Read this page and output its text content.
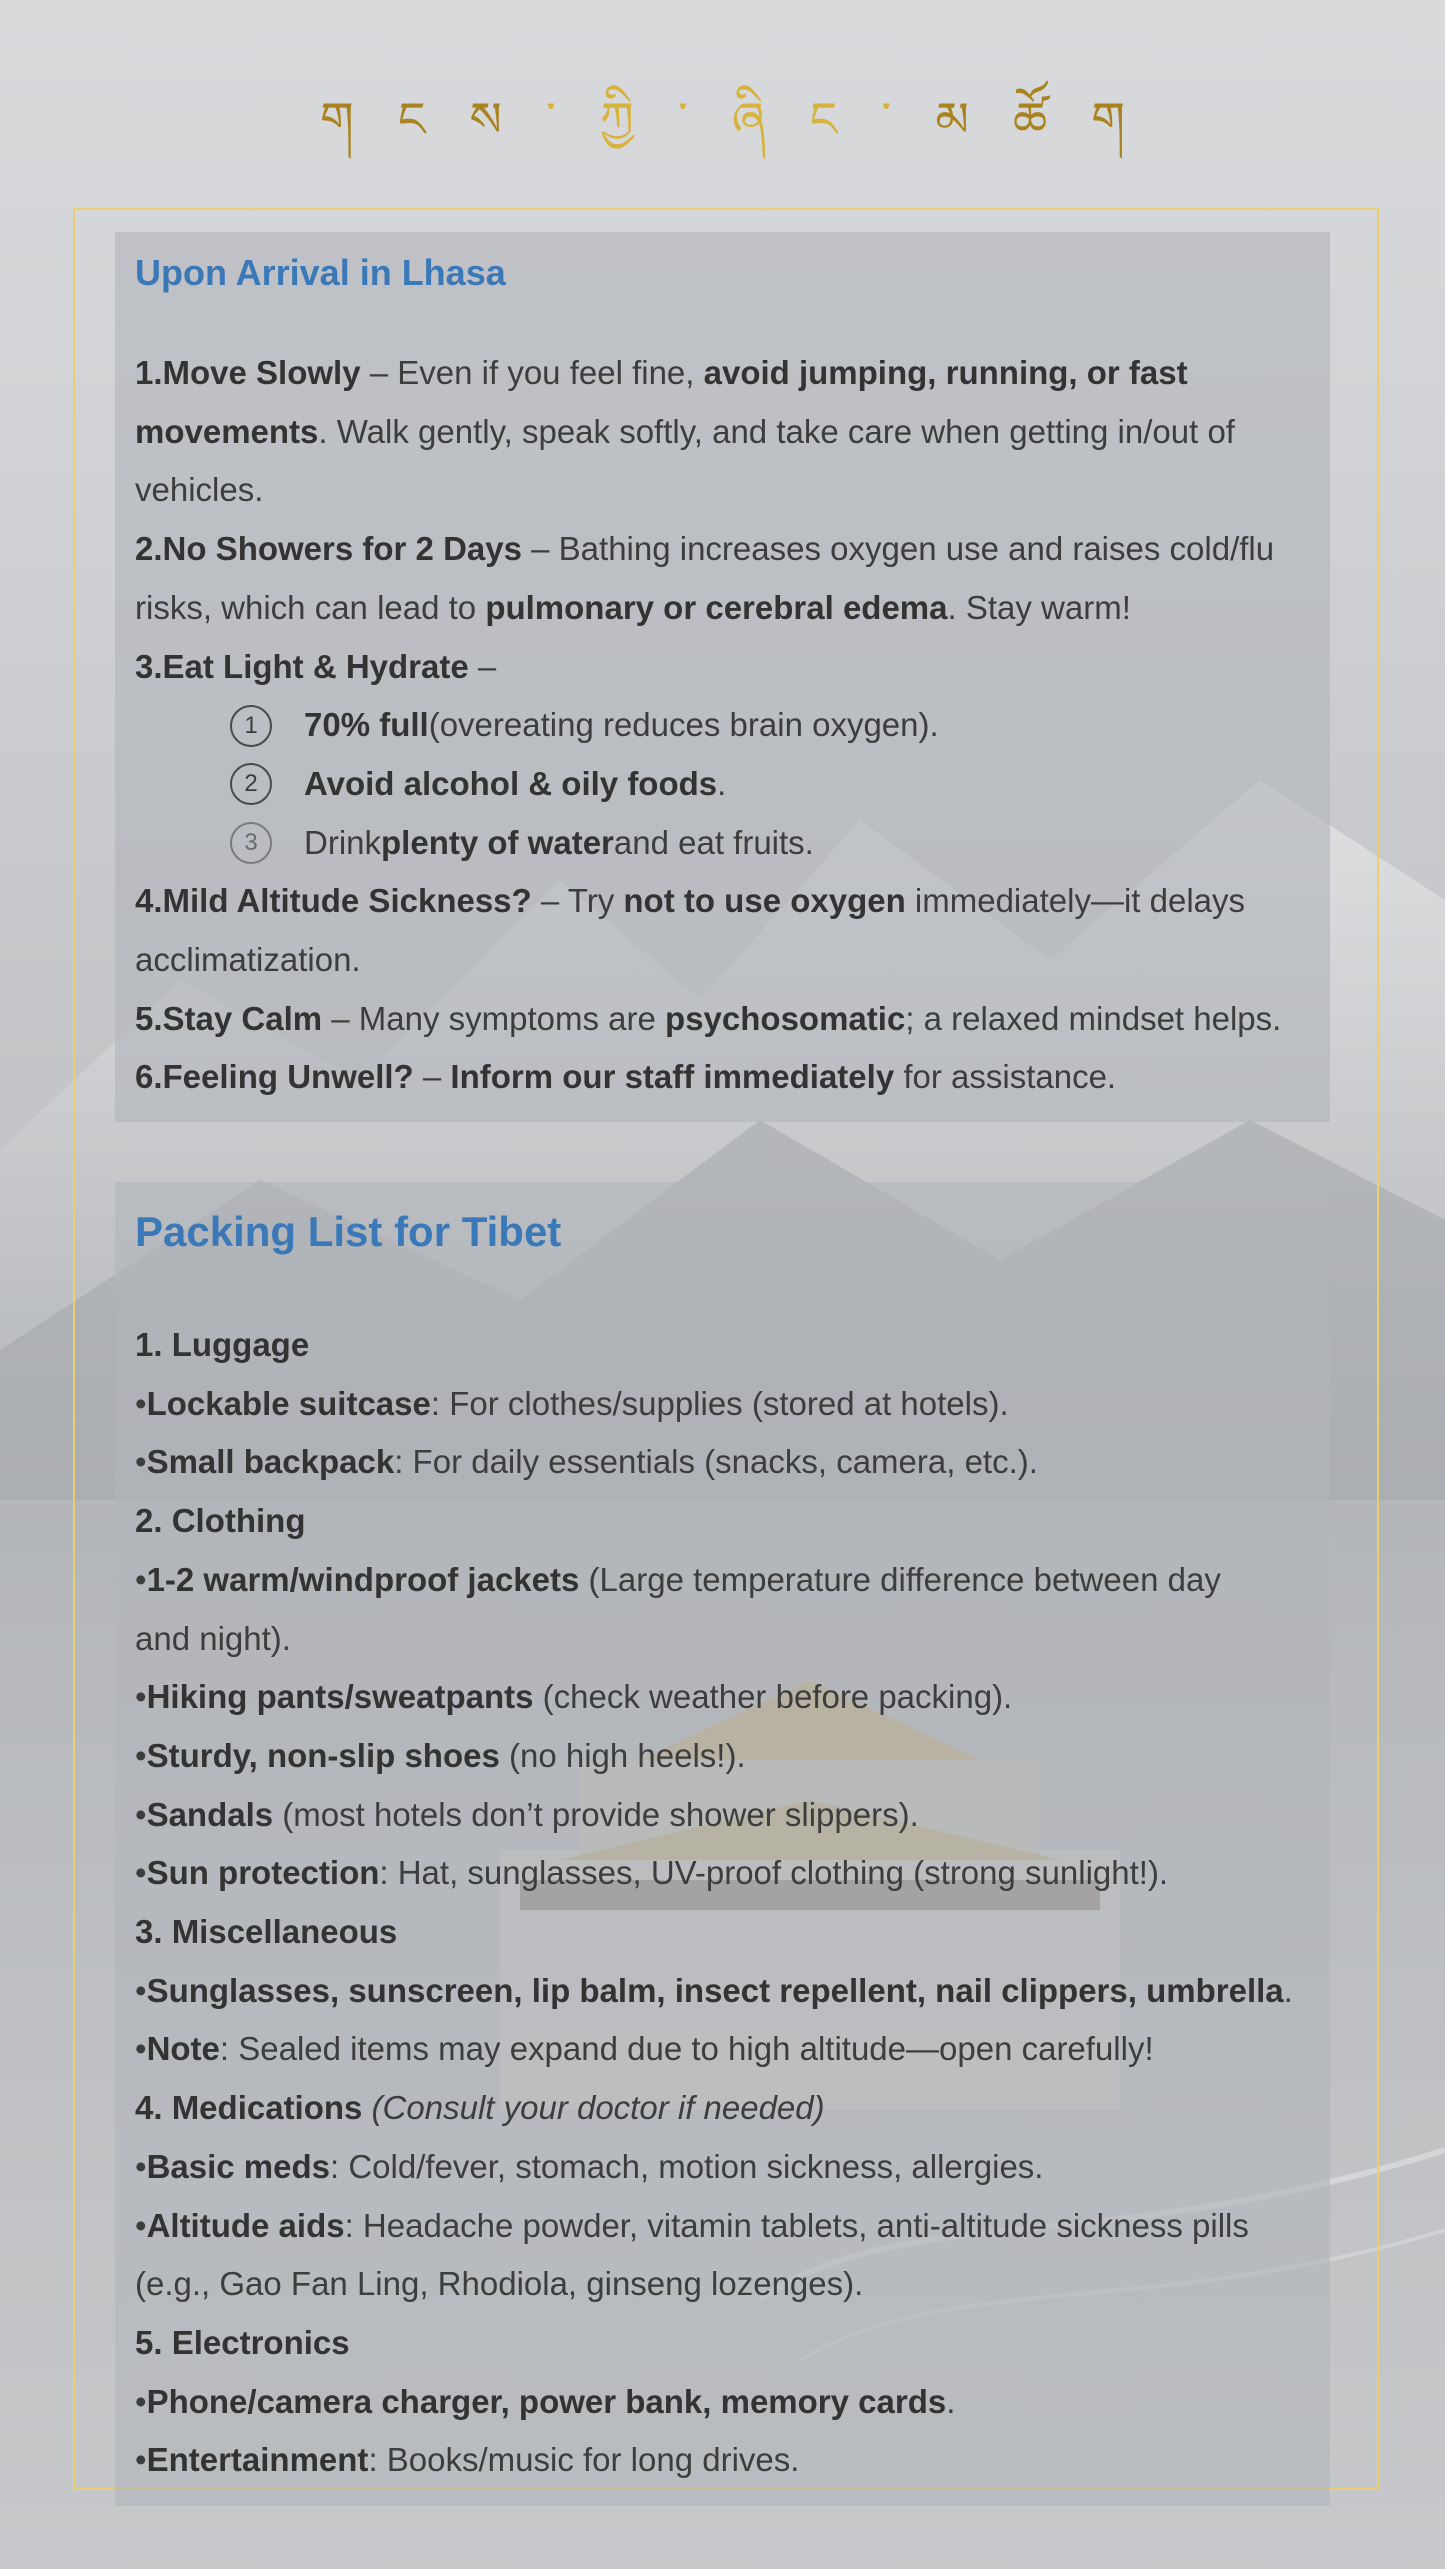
ག ང ས ་ ཀྱི ་ ཞི ང ་ མ ཚོ ག
Upon Arrival in Lhasa
1.Move Slowly – Even if you feel fine, avoid jumping, running, or fast
movements. Walk gently, speak softly, and take care when getting in/out of
vehicles.
2.No Showers for 2 Days – Bathing increases oxygen use and raises cold/flu
risks, which can lead to pulmonary or cerebral edema. Stay warm!
3.Eat Light & Hydrate –
1	70% full (overeating reduces brain oxygen).
2	Avoid alcohol & oily foods .
3	Drink plenty of water and eat fruits.
4.Mild Altitude Sickness? – Try not to use oxygen immediately—it delays
acclimatization.
5.Stay Calm – Many symptoms are psychosomatic; a relaxed mindset helps.
6.Feeling Unwell? – Inform our staff immediately for assistance.
Packing List for Tibet
1. Luggage
•Lockable suitcase: For clothes/supplies (stored at hotels).
•Small backpack: For daily essentials (snacks, camera, etc.).
2. Clothing
•1-2 warm/windproof jackets (Large temperature difference between day
and night).
•Hiking pants/sweatpants (check weather before packing).
•Sturdy, non-slip shoes (no high heels!).
•Sandals (most hotels don’t provide shower slippers).
•Sun protection: Hat, sunglasses, UV-proof clothing (strong sunlight!).
3. Miscellaneous
•Sunglasses, sunscreen, lip balm, insect repellent, nail clippers, umbrella.
•Note: Sealed items may expand due to high altitude—open carefully!
4. Medications (Consult your doctor if needed)
•Basic meds: Cold/fever, stomach, motion sickness, allergies.
•Altitude aids: Headache powder, vitamin tablets, anti-altitude sickness pills
(e.g., Gao Fan Ling, Rhodiola, ginseng lozenges).
5. Electronics
•Phone/camera charger, power bank, memory cards.
•Entertainment: Books/music for long drives.
